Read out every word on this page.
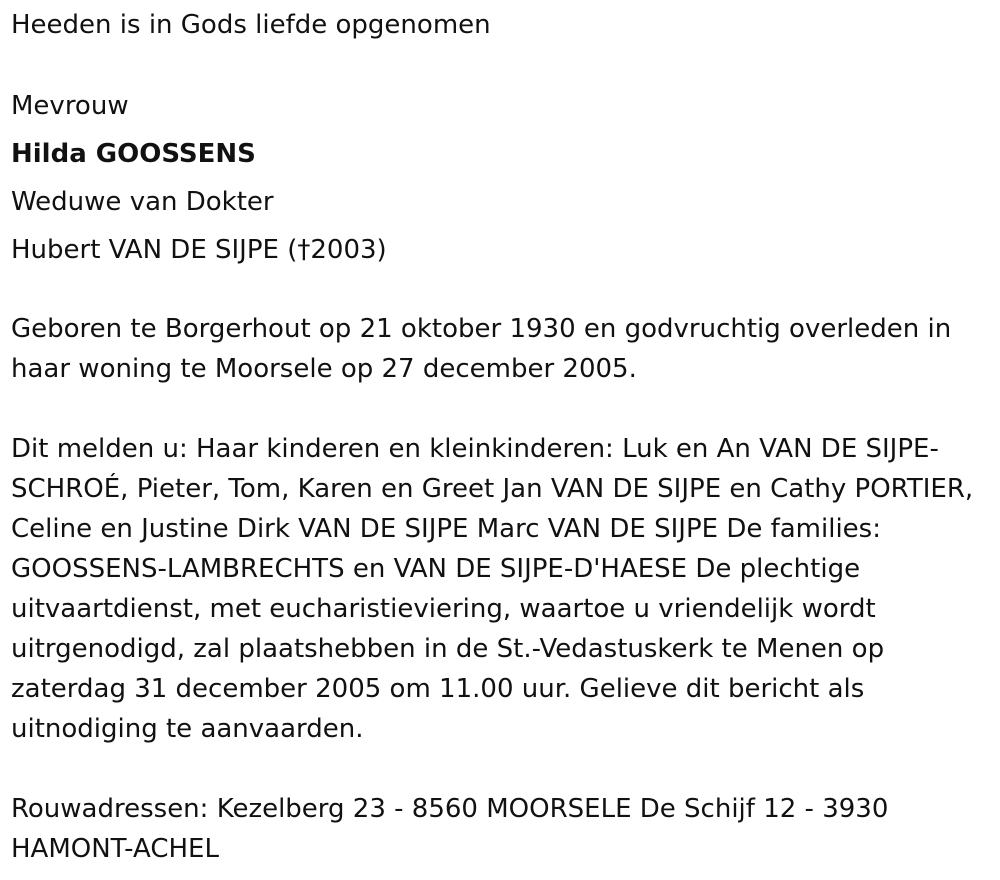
Heeden is in Gods liefde opgenomen
Mevrouw
Hilda GOOSSENS
Weduwe van Dokter
Hubert VAN DE SIJPE (†2003)
Geboren te Borgerhout op 21 oktober 1930 en godvruchtig overleden in
haar woning te Moorsele op 27 december 2005.
Dit melden u: Haar kinderen en kleinkinderen: Luk en An VAN DE SIJPE-
SCHROÉ, Pieter, Tom, Karen en Greet Jan VAN DE SIJPE en Cathy PORTIER,
Celine en Justine Dirk VAN DE SIJPE Marc VAN DE SIJPE De families:
GOOSSENS-LAMBRECHTS en VAN DE SIJPE-D'HAESE De plechtige
uitvaartdienst, met eucharistieviering, waartoe u vriendelijk wordt
uitrgenodigd, zal plaatshebben in de St.-Vedastuskerk te Menen op
zaterdag 31 december 2005 om 11.00 uur. Gelieve dit bericht als
uitnodiging te aanvaarden.
Rouwadressen: Kezelberg 23 - 8560 MOORSELE De Schijf 12 - 3930
HAMONT-ACHEL
